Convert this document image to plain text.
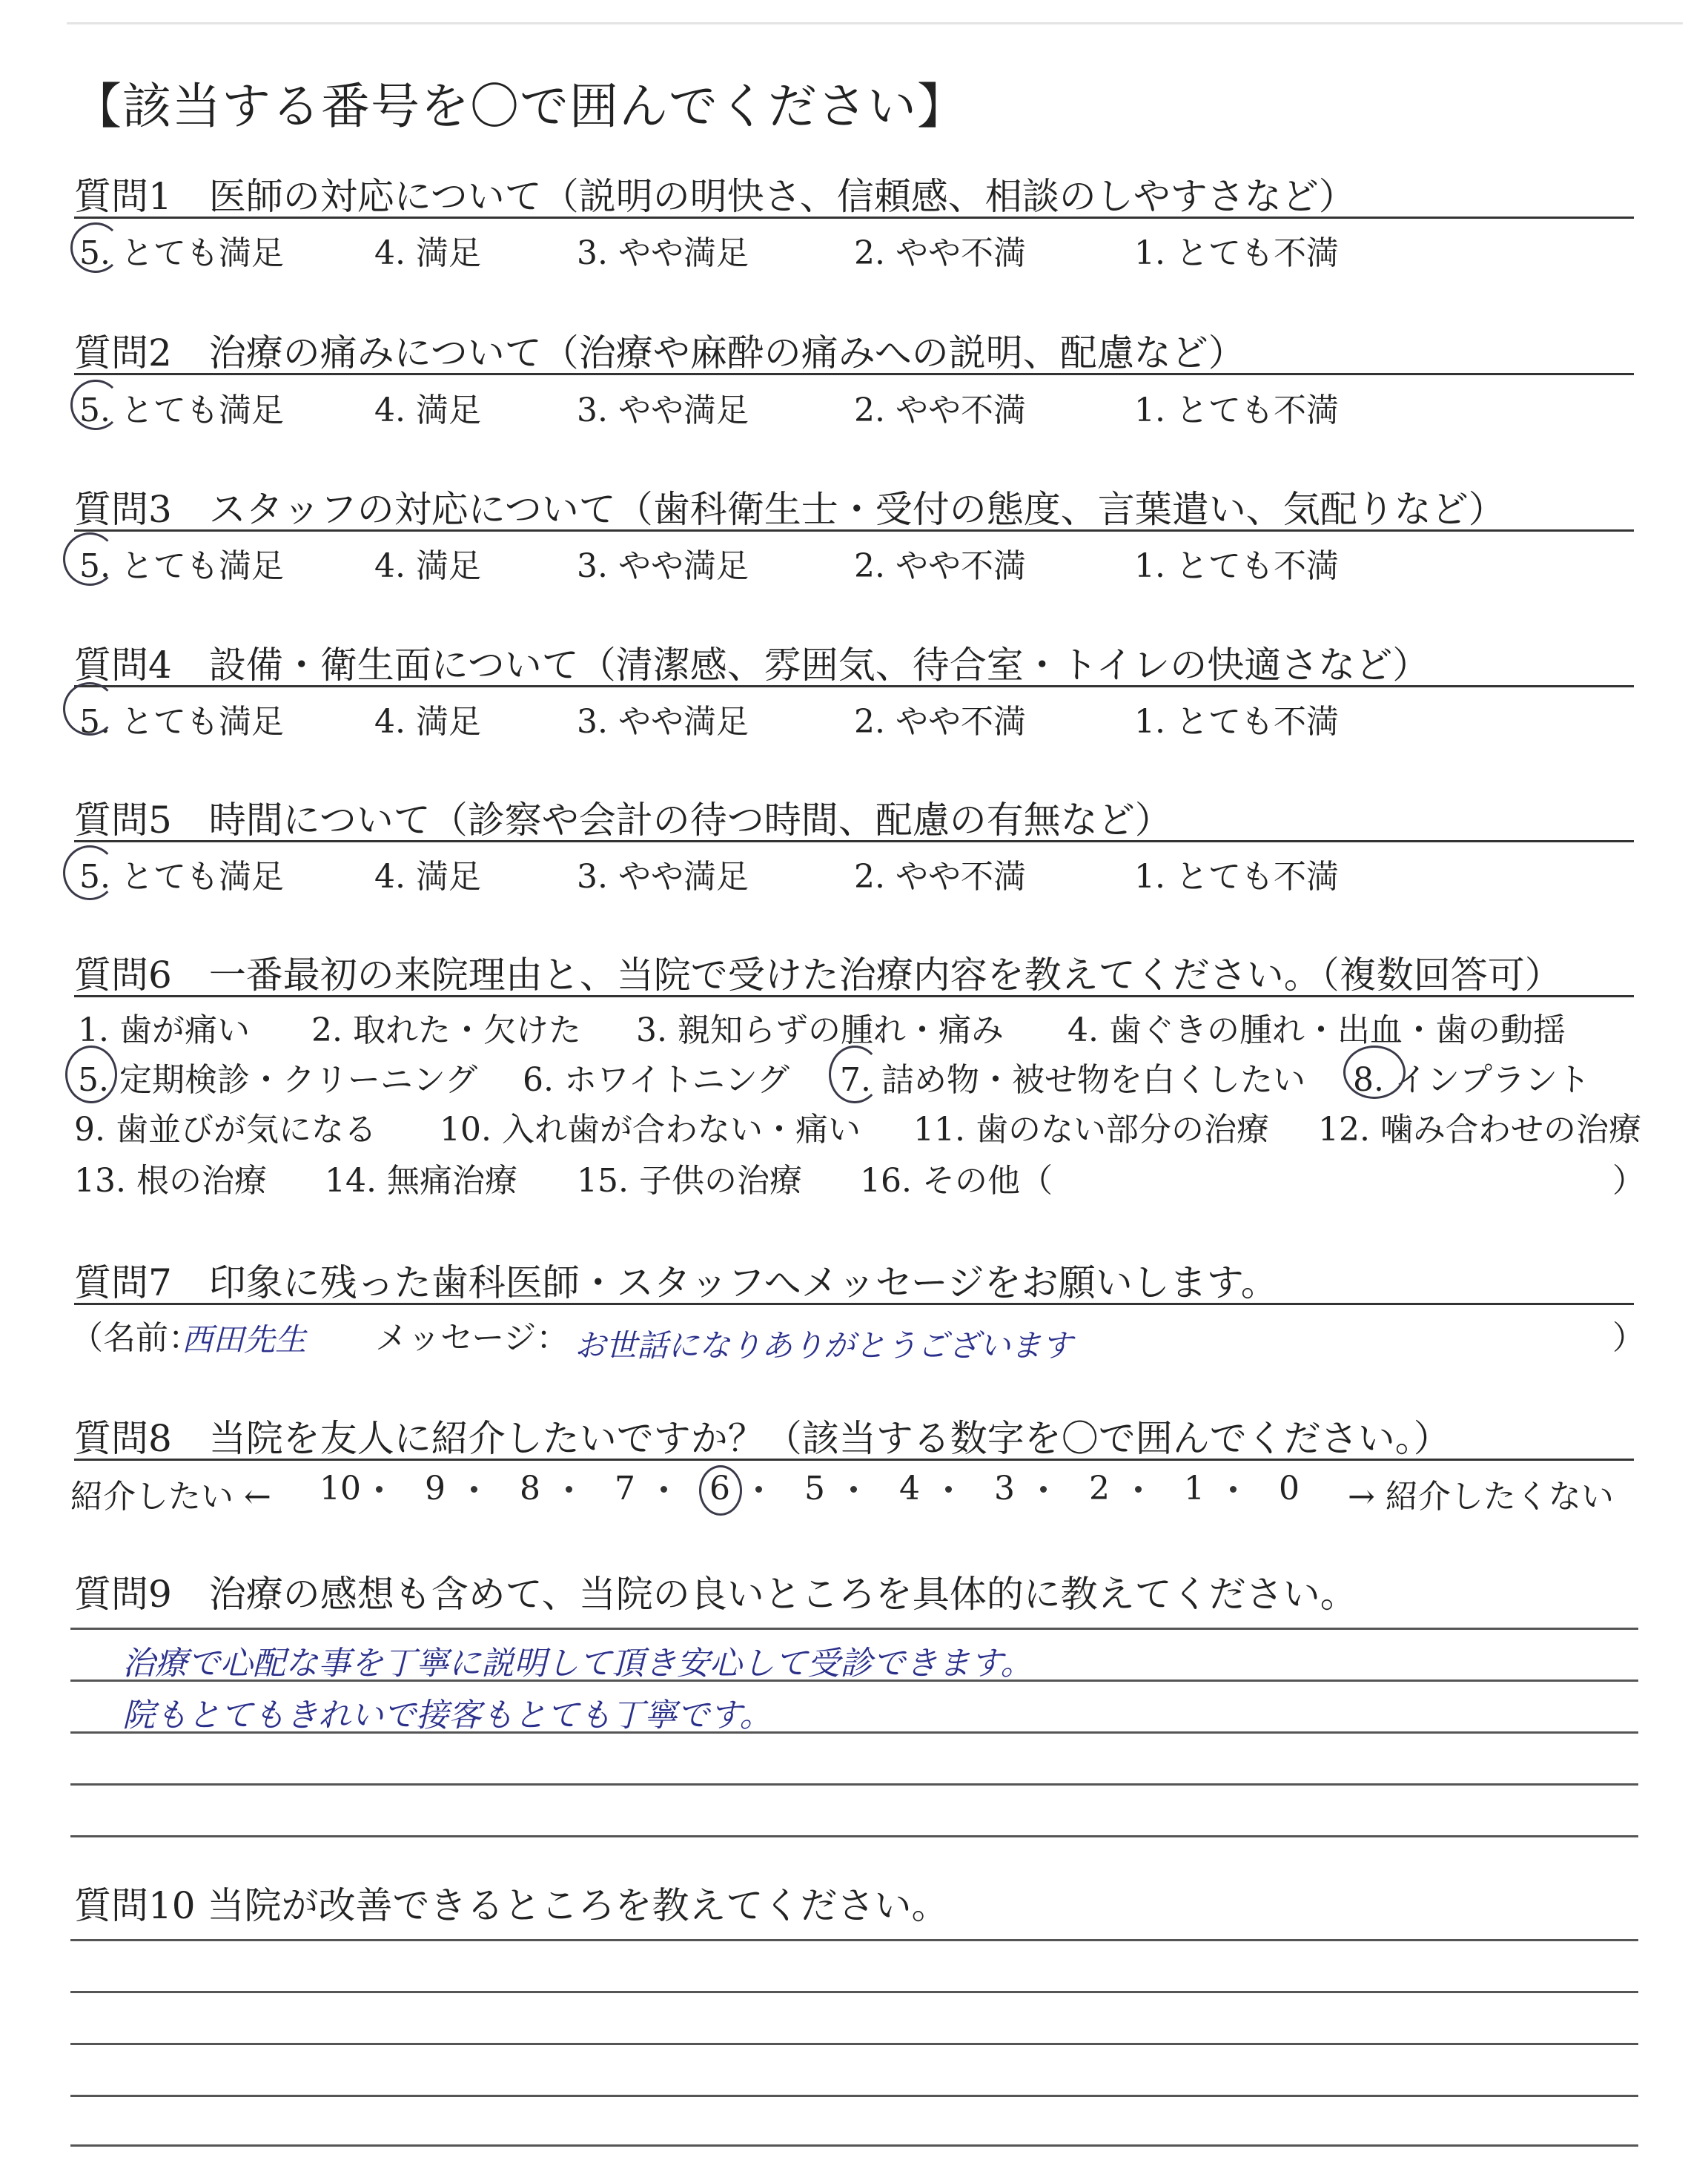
【該当する番号を〇で囲んでください】
質問1　医師の対応について（説明の明快さ、信頼感、相談のしやすさなど）
5. とても満足	4. 満足	3. やや満足	2. やや不満	1. とても不満
質問2　治療の痛みについて（治療や麻酔の痛みへの説明、配慮など）
5. とても満足	4. 満足	3. やや満足	2. やや不満	1. とても不満
質問3　スタッフの対応について（歯科衛生士・受付の態度、言葉遣い、気配りなど）
5. とても満足	4. 満足	3. やや満足	2. やや不満	1. とても不満
質問4　設備・衛生面について（清潔感、雰囲気、待合室・トイレの快適さなど）
5. とても満足	4. 満足	3. やや満足	2. やや不満	1. とても不満
質問5　時間について（診察や会計の待つ時間、配慮の有無など）
5. とても満足	4. 満足	3. やや満足	2. やや不満	1. とても不満
質問6　一番最初の来院理由と、当院で受けた治療内容を教えてください。（複数回答可）
1. 歯が痛い 2. 取れた・欠けた 3. 親知らずの腫れ・痛み 4. 歯ぐきの腫れ・出血・歯の動揺
5. 定期検診・クリーニング 6. ホワイトニング 7. 詰め物・被せ物を白くしたい 8. インプラント
9. 歯並びが気になる 10. 入れ歯が合わない・痛い 11. 歯のない部分の治療 12. 噛み合わせの治療
13. 根の治療 14. 無痛治療 15. 子供の治療 16. その他（	）
質問7　印象に残った歯科医師・スタッフへメッセージをお願いします。
（名前：
西田先生 メッセージ： お世話になりありがとうございます	）
質問8　当院を友人に紹介したいですか？（該当する数字を〇で囲んでください。）
紹介したい ← 10 9 8 7 6 5 4 3 2 1 0 → 紹介したくない
質問9　治療の感想も含めて、当院の良いところを具体的に教えてください。
治療で心配な事を丁寧に説明して頂き安心して受診できます。
院もとてもきれいで接客もとても丁寧です。
質問10 当院が改善できるところを教えてください。
